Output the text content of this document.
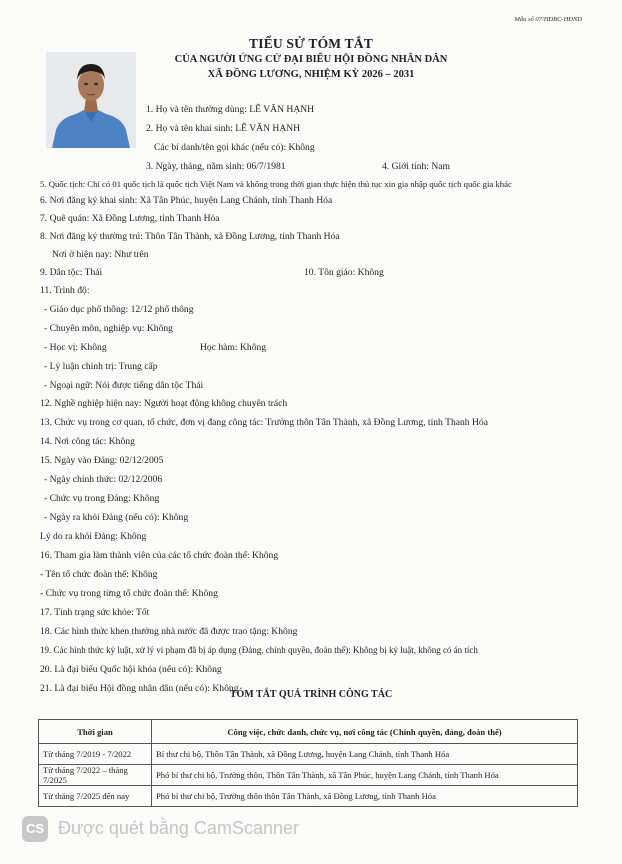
Mẫu số 07/HĐBC-HĐND
TIỂU SỬ TÓM TẮT
CỦA NGƯỜI ỨNG CỬ ĐẠI BIỂU HỘI ĐỒNG NHÂN DÂN
XÃ ĐỒNG LƯƠNG, NHIỆM KỲ 2026 – 2031
1. Họ và tên thường dùng: LÊ VĂN HẠNH
2. Họ và tên khai sinh: LÊ VĂN HẠNH
Các bí danh/tên gọi khác (nếu có): Không
3. Ngày, tháng, năm sinh: 06/7/1981	4. Giới tính: Nam
5. Quốc tịch: Chỉ có 01 quốc tịch là quốc tịch Việt Nam và không trong thời gian thực hiện thủ tục xin gia nhập quốc tịch quốc gia khác
6. Nơi đăng ký khai sinh: Xã Tân Phúc, huyện Lang Chánh, tỉnh Thanh Hóa
7. Quê quán: Xã Đồng Lương, tỉnh Thanh Hóa
8. Nơi đăng ký thường trú: Thôn Tân Thành, xã Đồng Lương, tỉnh Thanh Hóa
Nơi ở hiện nay: Như trên
9. Dân tộc: Thái	10. Tôn giáo: Không
11. Trình độ:
- Giáo dục phổ thông: 12/12 phổ thông
- Chuyên môn, nghiệp vụ: Không
- Học vị: Không	Học hàm: Không
- Lý luận chính trị: Trung cấp
- Ngoại ngữ: Nói được tiếng dân tộc Thái
12. Nghề nghiệp hiện nay: Người hoạt động không chuyên trách
13. Chức vụ trong cơ quan, tổ chức, đơn vị đang công tác: Trưởng thôn Tân Thành, xã Đồng Lương, tỉnh Thanh Hóa
14. Nơi công tác: Không
15. Ngày vào Đảng: 02/12/2005
- Ngày chính thức: 02/12/2006
- Chức vụ trong Đảng: Không
- Ngày ra khỏi Đảng (nếu có): Không
Lý do ra khỏi Đảng: Không
16. Tham gia làm thành viên của các tổ chức đoàn thể: Không
- Tên tổ chức đoàn thể: Không
- Chức vụ trong từng tổ chức đoàn thể: Không
17. Tình trạng sức khỏe: Tốt
18. Các hình thức khen thưởng nhà nước đã được trao tặng: Không
19. Các hình thức kỷ luật, xử lý vi phạm đã bị áp dụng (Đảng, chính quyền, đoàn thể): Không bị kỷ luật, không có án tích
20. Là đại biểu Quốc hội khóa (nếu có): Không
21. Là đại biểu Hội đồng nhân dân (nếu có): Không
TÓM TẮT QUÁ TRÌNH CÔNG TÁC
Thời gian	Công việc, chức danh, chức vụ, nơi công tác (Chính quyền, đảng, đoàn thể)
Từ tháng 7/2019 - 7/2022	Bí thư chi bộ, Thôn Tân Thành, xã Đồng Lương, huyện Lang Chánh, tỉnh Thanh Hóa
Từ tháng 7/2022 – tháng 7/2025	Phó bí thư chi bộ, Trưởng thôn, Thôn Tân Thành, xã Tân Phúc, huyện Lang Chánh, tỉnh Thanh Hóa
Từ tháng 7/2025 đến nay	Phó bí thư chi bộ, Trưởng thôn thôn Tân Thành, xã Đồng Lương, tỉnh Thanh Hóa
CS Được quét bằng CamScanner
